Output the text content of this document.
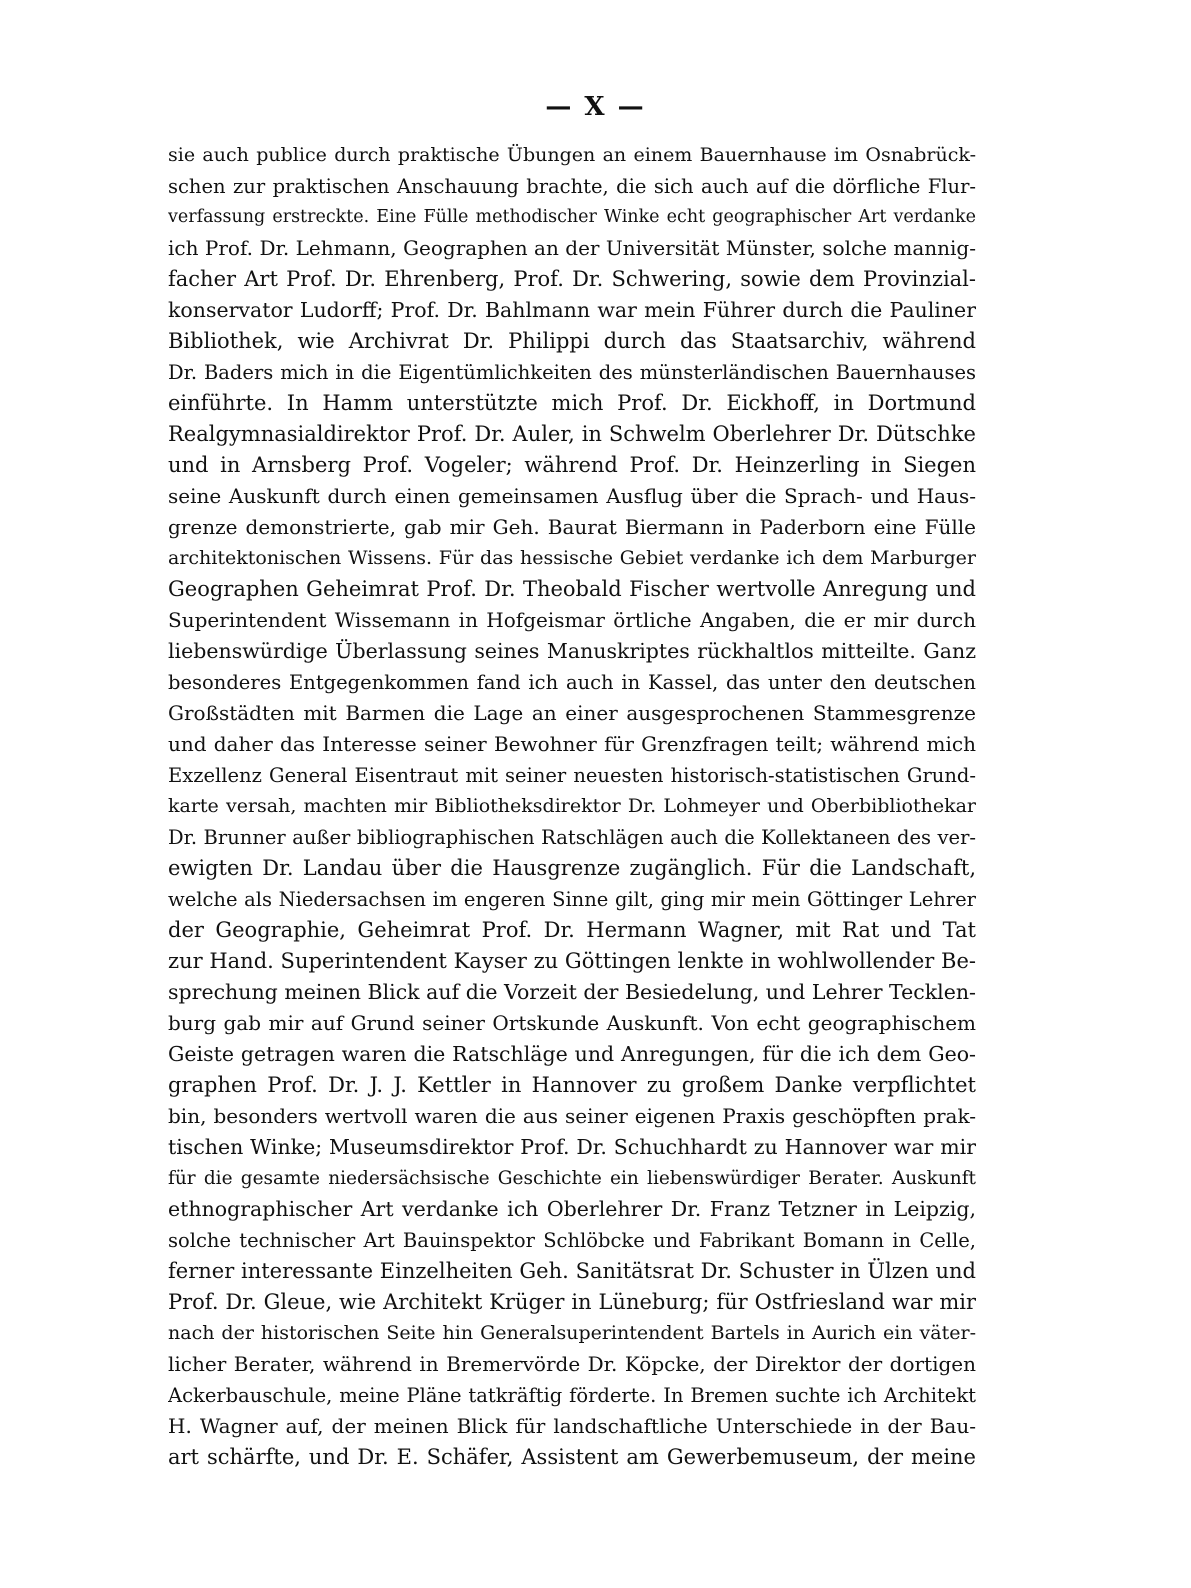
— X —
sie auch publice durch praktische Übungen an einem Bauernhause im Osnabrück-
schen zur praktischen Anschauung brachte, die sich auch auf die dörfliche Flur-
verfassung erstreckte. Eine Fülle methodischer Winke echt geographischer Art verdanke
ich Prof. Dr. Lehmann, Geographen an der Universität Münster, solche mannig-
facher Art Prof. Dr. Ehrenberg, Prof. Dr. Schwering, sowie dem Provinzial-
konservator Ludorff; Prof. Dr. Bahlmann war mein Führer durch die Pauliner
Bibliothek, wie Archivrat Dr. Philippi durch das Staatsarchiv, während
Dr. Baders mich in die Eigentümlichkeiten des münsterländischen Bauernhauses
einführte. In Hamm unterstützte mich Prof. Dr. Eickhoff, in Dortmund
Realgymnasialdirektor Prof. Dr. Auler, in Schwelm Oberlehrer Dr. Dütschke
und in Arnsberg Prof. Vogeler; während Prof. Dr. Heinzerling in Siegen
seine Auskunft durch einen gemeinsamen Ausflug über die Sprach- und Haus-
grenze demonstrierte, gab mir Geh. Baurat Biermann in Paderborn eine Fülle
architektonischen Wissens. Für das hessische Gebiet verdanke ich dem Marburger
Geographen Geheimrat Prof. Dr. Theobald Fischer wertvolle Anregung und
Superintendent Wissemann in Hofgeismar örtliche Angaben, die er mir durch
liebenswürdige Überlassung seines Manuskriptes rückhaltlos mitteilte. Ganz
besonderes Entgegenkommen fand ich auch in Kassel, das unter den deutschen
Großstädten mit Barmen die Lage an einer ausgesprochenen Stammesgrenze
und daher das Interesse seiner Bewohner für Grenzfragen teilt; während mich
Exzellenz General Eisentraut mit seiner neuesten historisch-statistischen Grund-
karte versah, machten mir Bibliotheksdirektor Dr. Lohmeyer und Oberbibliothekar
Dr. Brunner außer bibliographischen Ratschlägen auch die Kollektaneen des ver-
ewigten Dr. Landau über die Hausgrenze zugänglich. Für die Landschaft,
welche als Niedersachsen im engeren Sinne gilt, ging mir mein Göttinger Lehrer
der Geographie, Geheimrat Prof. Dr. Hermann Wagner, mit Rat und Tat
zur Hand. Superintendent Kayser zu Göttingen lenkte in wohlwollender Be-
sprechung meinen Blick auf die Vorzeit der Besiedelung, und Lehrer Tecklen-
burg gab mir auf Grund seiner Ortskunde Auskunft. Von echt geographischem
Geiste getragen waren die Ratschläge und Anregungen, für die ich dem Geo-
graphen Prof. Dr. J. J. Kettler in Hannover zu großem Danke verpflichtet
bin, besonders wertvoll waren die aus seiner eigenen Praxis geschöpften prak-
tischen Winke; Museumsdirektor Prof. Dr. Schuchhardt zu Hannover war mir
für die gesamte niedersächsische Geschichte ein liebenswürdiger Berater. Auskunft
ethnographischer Art verdanke ich Oberlehrer Dr. Franz Tetzner in Leipzig,
solche technischer Art Bauinspektor Schlöbcke und Fabrikant Bomann in Celle,
ferner interessante Einzelheiten Geh. Sanitätsrat Dr. Schuster in Ülzen und
Prof. Dr. Gleue, wie Architekt Krüger in Lüneburg; für Ostfriesland war mir
nach der historischen Seite hin Generalsuperintendent Bartels in Aurich ein väter-
licher Berater, während in Bremervörde Dr. Köpcke, der Direktor der dortigen
Ackerbauschule, meine Pläne tatkräftig förderte. In Bremen suchte ich Architekt
H. Wagner auf, der meinen Blick für landschaftliche Unterschiede in der Bau-
art schärfte, und Dr. E. Schäfer, Assistent am Gewerbemuseum, der meine
